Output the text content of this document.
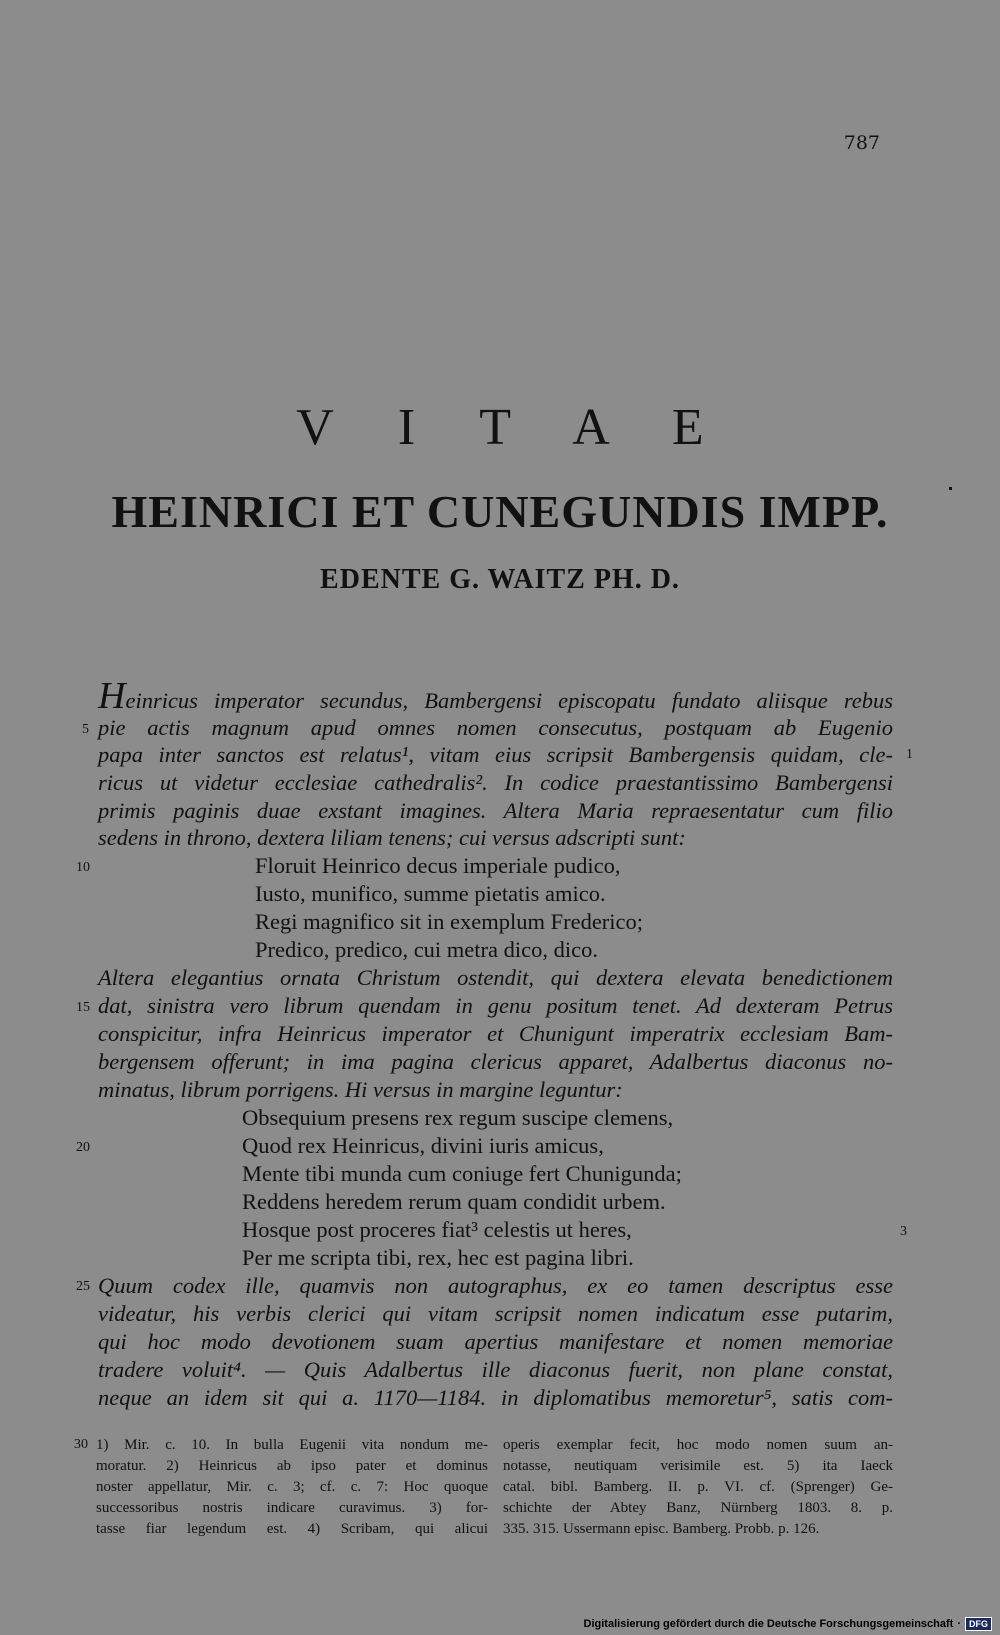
787
V I T A E
HEINRICI ET CUNEGUNDIS IMPP.
EDENTE G. WAITZ PH. D.
Heinricus imperator secundus, Bambergensi episcopatu fundato aliisque rebus
pie actis magnum apud omnes nomen consecutus, postquam ab Eugenio
papa inter sanctos est relatus¹, vitam eius scripsit Bambergensis quidam, cle-
ricus ut videtur ecclesiae cathedralis². In codice praestantissimo Bambergensi
primis paginis duae exstant imagines. Altera Maria repraesentatur cum filio
sedens in throno, dextera liliam tenens; cui versus adscripti sunt:
Floruit Heinrico decus imperiale pudico,
Iusto, munifico, summe pietatis amico.
Regi magnifico sit in exemplum Frederico;
Predico, predico, cui metra dico, dico.
Altera elegantius ornata Christum ostendit, qui dextera elevata benedictionem
dat, sinistra vero librum quendam in genu positum tenet. Ad dexteram Petrus
conspicitur, infra Heinricus imperator et Chunigunt imperatrix ecclesiam Bam-
bergensem offerunt; in ima pagina clericus apparet, Adalbertus diaconus no-
minatus, librum porrigens. Hi versus in margine leguntur:
Obsequium presens rex regum suscipe clemens,
Quod rex Heinricus, divini iuris amicus,
Mente tibi munda cum coniuge fert Chunigunda;
Reddens heredem rerum quam condidit urbem.
Hosque post proceres fiat³ celestis ut heres,
Per me scripta tibi, rex, hec est pagina libri.
Quum codex ille, quamvis non autographus, ex eo tamen descriptus esse
videatur, his verbis clerici qui vitam scripsit nomen indicatum esse putarim,
qui hoc modo devotionem suam apertius manifestare et nomen memoriae
tradere voluit⁴. — Quis Adalbertus ille diaconus fuerit, non plane constat,
neque an idem sit qui a. 1170—1184. in diplomatibus memoretur⁵, satis com-
5
10
15
20
25
30
1
3
1) Mir. c. 10. In bulla Eugenii vita nondum me-
moratur. 2) Heinricus ab ipso pater et dominus
noster appellatur, Mir. c. 3; cf. c. 7: Hoc quoque
successoribus nostris indicare curavimus. 3) for-
tasse fiar legendum est. 4) Scribam, qui alicui
operis exemplar fecit, hoc modo nomen suum an-
notasse, neutiquam verisimile est. 5) ita Iaeck
catal. bibl. Bamberg. II. p. VI. cf. (Sprenger) Ge-
schichte der Abtey Banz, Nürnberg 1803. 8. p.
335. 315. Ussermann episc. Bamberg. Probb. p. 126.
Digitalisierung gefördert durch die Deutsche Forschungsgemeinschaft · DFG
